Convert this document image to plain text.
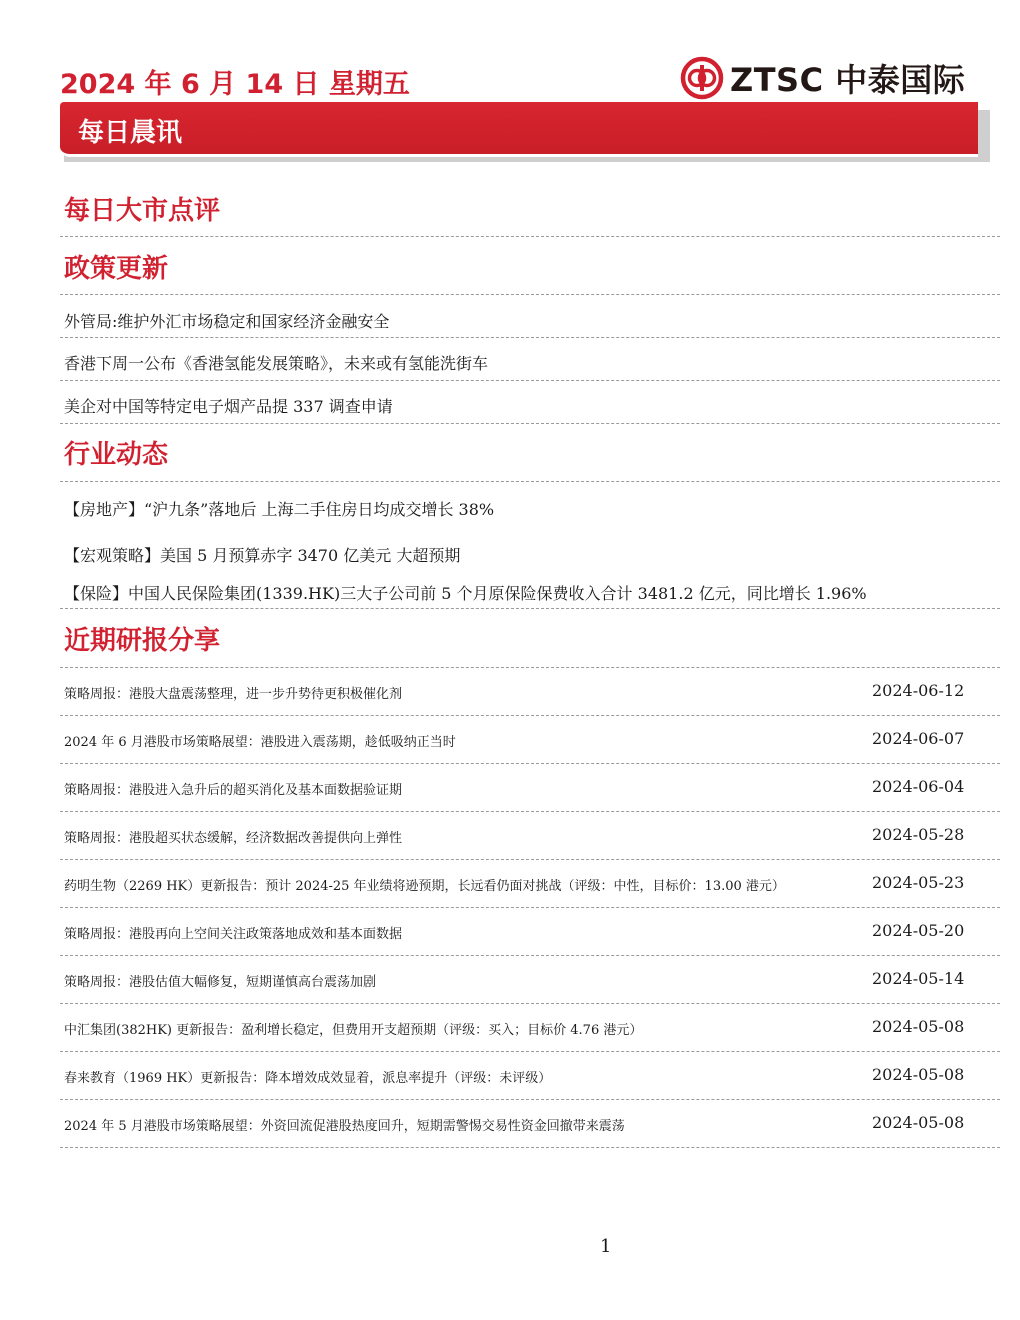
2024 年 6 月 14 日 星期五	ZTSC 中泰国际
每日晨讯
每日大市点评
政策更新
外管局:维护外汇市场稳定和国家经济金融安全
香港下周一公布《香港氢能发展策略》，未来或有氢能洗街车
美企对中国等特定电子烟产品提 337 调查申请
行业动态
【房地产】“沪九条”落地后 上海二手住房日均成交增长 38%
【宏观策略】美国 5 月预算赤字 3470 亿美元 大超预期
【保险】中国人民保险集团(1339.HK)三大子公司前 5 个月原保险保费收入合计 3481.2 亿元，同比增长 1.96%
近期研报分享
策略周报：港股大盘震荡整理，进一步升势待更积极催化剂	2024-06-12
2024 年 6 月港股市场策略展望：港股进入震荡期，趁低吸纳正当时	2024-06-07
策略周报：港股进入急升后的超买消化及基本面数据验证期	2024-06-04
策略周报：港股超买状态缓解，经济数据改善提供向上弹性	2024-05-28
药明生物（2269 HK）更新报告：预计 2024-25 年业绩将逊预期，长远看仍面对挑战（评级：中性，目标价：13.00 港元）	2024-05-23
策略周报：港股再向上空间关注政策落地成效和基本面数据	2024-05-20
策略周报：港股估值大幅修复，短期谨慎高台震荡加剧	2024-05-14
中汇集团(382HK) 更新报告：盈利增长稳定，但费用开支超预期（评级：买入；目标价 4.76 港元）	2024-05-08
春来教育（1969 HK）更新报告：降本增效成效显着，派息率提升（评级：未评级）	2024-05-08
2024 年 5 月港股市场策略展望：外资回流促港股热度回升，短期需警惕交易性资金回撤带来震荡	2024-05-08
1
